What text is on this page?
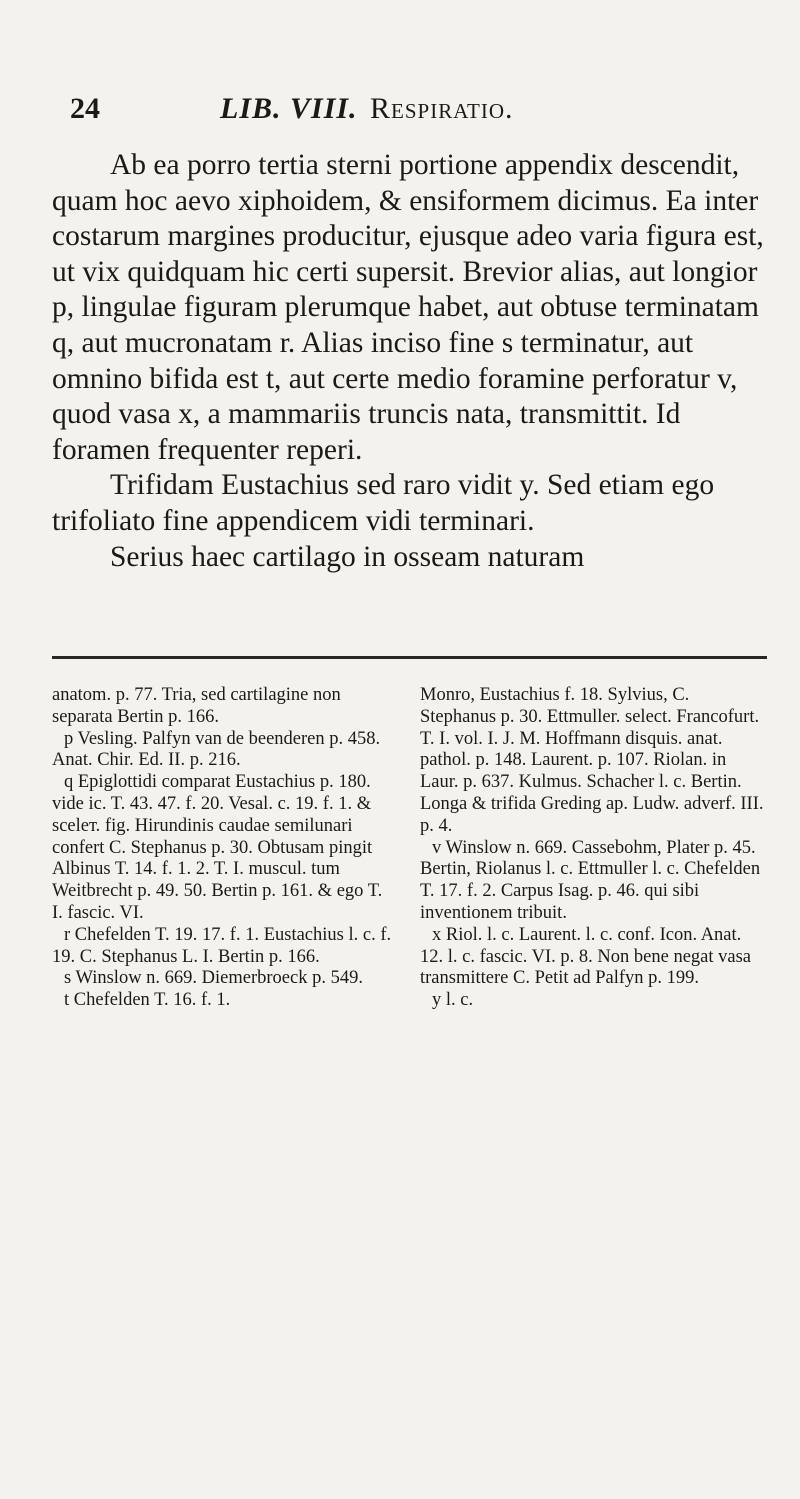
24	LIB. VIII. Respiratio.

Ab ea porro tertia sterni portione appendix descendit, quam hoc aevo xiphoidem, & ensiformem dicimus. Ea inter costarum margines producitur, ejusque adeo varia figura est, ut vix quidquam hic certi supersit. Brevior alias, aut longior p, lingulae figuram plerumque habet, aut obtuse terminatam q, aut mucronatam r. Alias inciso fine s terminatur, aut omnino bifida est t, aut certe medio foramine perforatur v, quod vasa x, a mammariis truncis nata, transmittit. Id foramen frequenter reperi.

Trifidam Eustachius sed raro vidit y. Sed etiam ego trifoliato fine appendicem vidi terminari.

Serius haec cartilago in osseam naturam

anatom. p. 77. Tria, sed cartilagine non separata Bertin p. 166.

p Vesling. Palfyn van de beenderen p. 458. Anat. Chir. Ed. II. p. 216.

q Epiglottidi comparat Eustachius p. 180. vide ic. T. 43. 47. f. 20. Vesal. c. 19. f. 1. & sceleт. fig. Hirundinis caudae semilunari confert C. Stephanus p. 30. Obtusam pingit Albinus T. 14. f. 1. 2. T. I. muscul. tum Weitbrecht p. 49. 50. Bertin p. 161. & ego T. I. fascic. VI.

r Chefelden T. 19. 17. f. 1. Eustachius l. c. f. 19. C. Stephanus L. I. Bertin p. 166.

s Winslow n. 669. Diemerbroeck p. 549.

t Chefelden T. 16. f. 1.

Monro, Eustachius f. 18. Sylvius, C. Stephanus p. 30. Ettmuller. select. Francofurt. T. I. vol. I. J. M. Hoffmann disquis. anat. pathol. p. 148. Laurent. p. 107. Riolan. in Laur. p. 637. Kulmus. Schacher l. c. Bertin. Longa & trifida Greding ap. Ludw. adverf. III. p. 4.

v Winslow n. 669. Cassebohm, Plater p. 45. Bertin, Riolanus l. c. Ettmuller l. c. Chefelden T. 17. f. 2. Carpus Isag. p. 46. qui sibi inventionem tribuit.

x Riol. l. c. Laurent. l. c. conf. Icon. Anat. 12. l. c. fascic. VI. p. 8. Non bene negat vasa transmittere C. Petit ad Palfyn p. 199.

y l. c.
